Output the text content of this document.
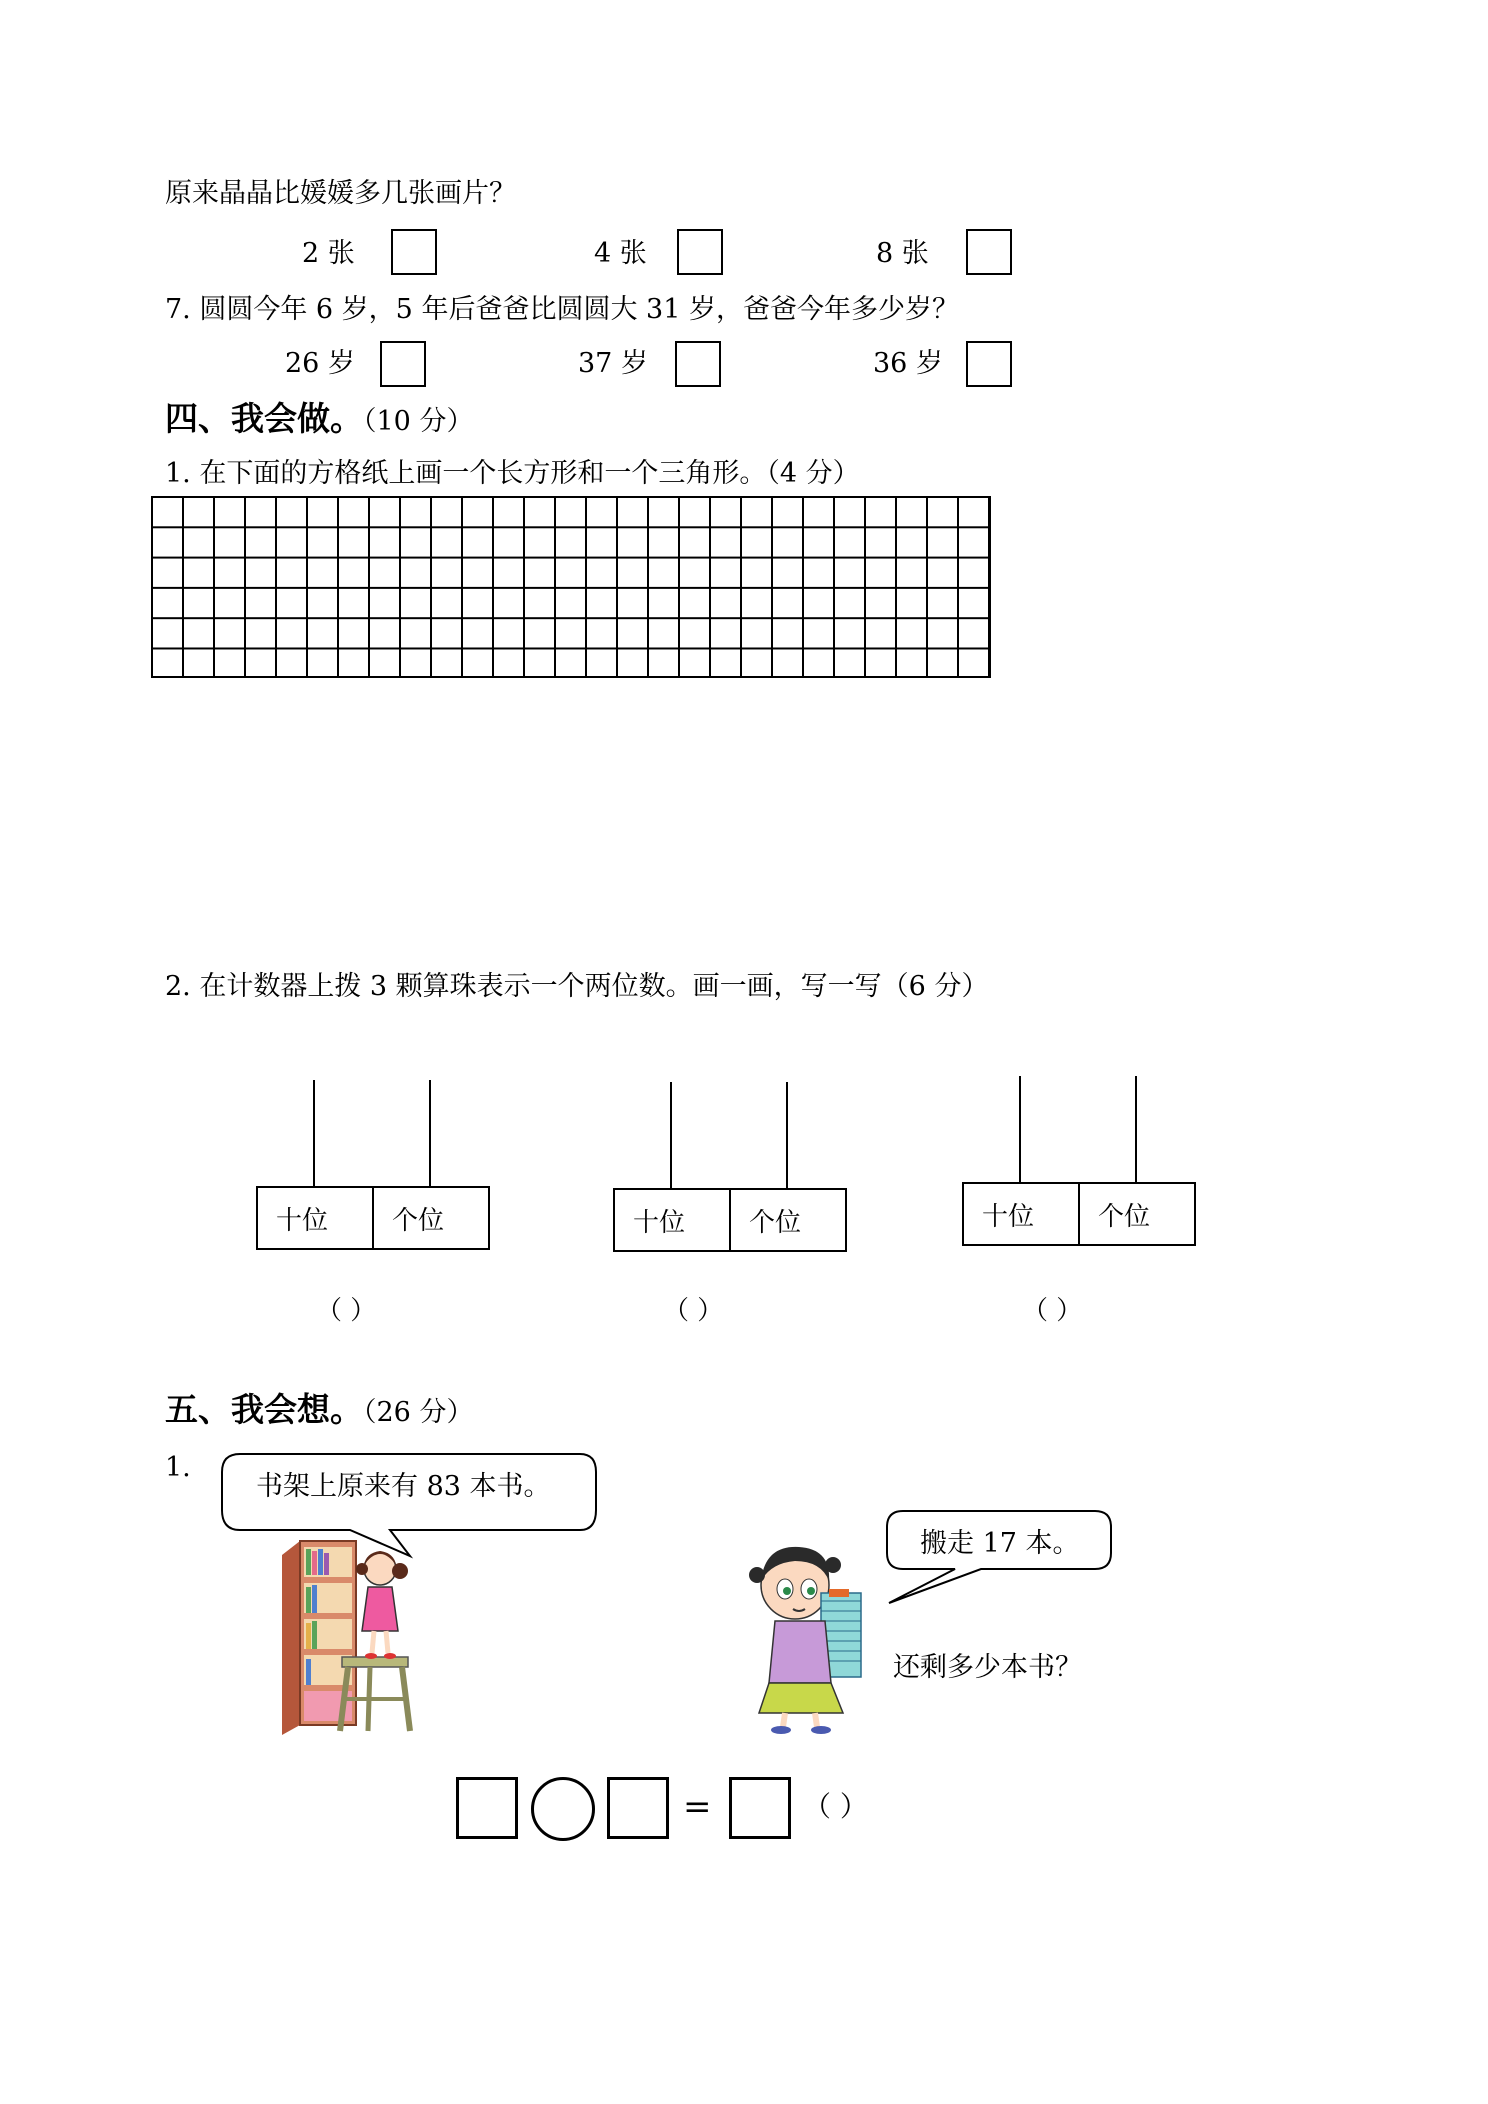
原来晶晶比媛媛多几张画片？
2 张	4 张	8 张
7. 圆圆今年 6 岁，5 年后爸爸比圆圆大 31 岁，爸爸今年多少岁？
26 岁	37 岁	36 岁
四、我会做。（10 分）
1. 在下面的方格纸上画一个长方形和一个三角形。（4 分）
2. 在计数器上拨 3 颗算珠表示一个两位数。画一画，写一写（6 分）
十位	个位
（ ）
十位	个位
（ ）
十位	个位
（ ）
五、我会想。（26 分）
1.
书架上原来有 83 本书。
搬走 17 本。
还剩多少本书？
=	（ ）
